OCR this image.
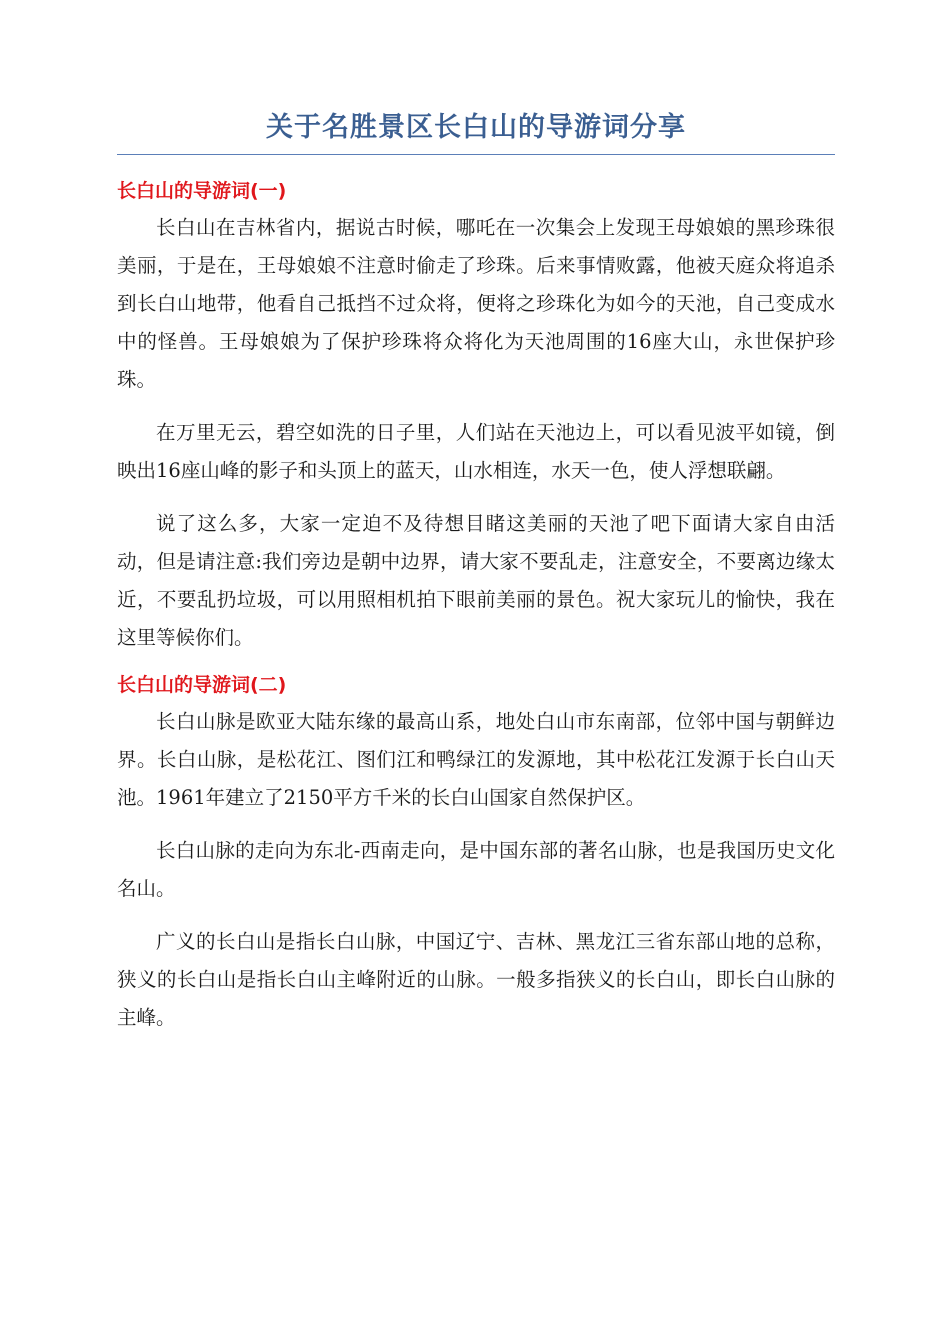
关于名胜景区长白山的导游词分享
长白山的导游词(一)

长白山在吉林省内，据说古时候，哪吒在一次集会上发现王母娘娘的黑珍珠很美丽，于是在，王母娘娘不注意时偷走了珍珠。后来事情败露，他被天庭众将追杀到长白山地带，他看自己抵挡不过众将，便将之珍珠化为如今的天池，自己变成水中的怪兽。王母娘娘为了保护珍珠将众将化为天池周围的16座大山，永世保护珍珠。

在万里无云，碧空如洗的日子里，人们站在天池边上，可以看见波平如镜，倒映出16座山峰的影子和头顶上的蓝天，山水相连，水天一色，使人浮想联翩。

说了这么多，大家一定迫不及待想目睹这美丽的天池了吧下面请大家自由活动，但是请注意:我们旁边是朝中边界，请大家不要乱走，注意安全，不要离边缘太近，不要乱扔垃圾，可以用照相机拍下眼前美丽的景色。祝大家玩儿的愉快，我在这里等候你们。

长白山的导游词(二)

长白山脉是欧亚大陆东缘的最高山系，地处白山市东南部，位邻中国与朝鲜边界。长白山脉，是松花江、图们江和鸭绿江的发源地，其中松花江发源于长白山天池。1961年建立了2150平方千米的长白山国家自然保护区。

长白山脉的走向为东北-西南走向，是中国东部的著名山脉，也是我国历史文化名山。

广义的长白山是指长白山脉，中国辽宁、吉林、黑龙江三省东部山地的总称，狭义的长白山是指长白山主峰附近的山脉。一般多指狭义的长白山，即长白山脉的主峰。
